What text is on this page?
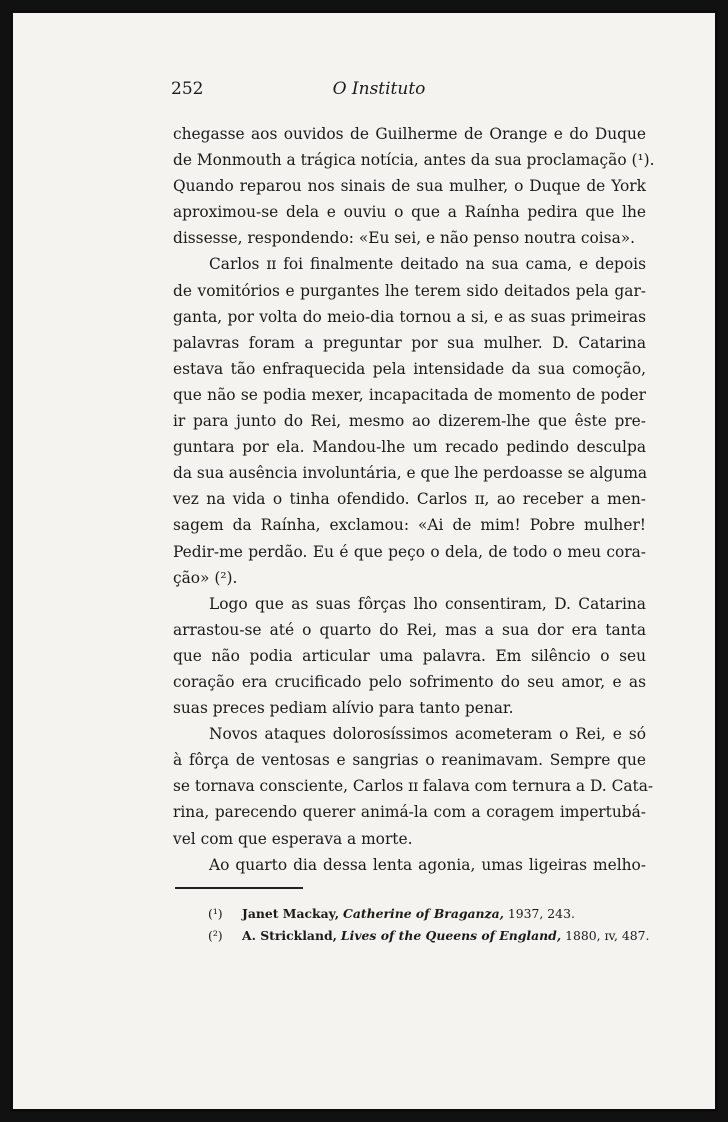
252	O Instituto
chegasse aos ouvidos de Guilherme de Orange e do Duque
de Monmouth a trágica notícia, antes da sua proclamação (¹).
Quando reparou nos sinais de sua mulher, o Duque de York
aproximou-se dela e ouviu o que a Raínha pedira que lhe
dissesse, respondendo: «Eu sei, e não penso noutra coisa».
Carlos ɪɪ foi finalmente deitado na sua cama, e depois
de vomitórios e purgantes lhe terem sido deitados pela gar-
ganta, por volta do meio-dia tornou a si, e as suas primeiras
palavras foram a preguntar por sua mulher. D. Catarina
estava tão enfraquecida pela intensidade da sua comoção,
que não se podia mexer, incapacitada de momento de poder
ir para junto do Rei, mesmo ao dizerem-lhe que êste pre-
guntara por ela. Mandou-lhe um recado pedindo desculpa
da sua ausência involuntária, e que lhe perdoasse se alguma
vez na vida o tinha ofendido. Carlos ɪɪ, ao receber a men-
sagem da Raínha, exclamou: «Ai de mim! Pobre mulher!
Pedir-me perdão. Eu é que peço o dela, de todo o meu cora-
ção» (²).
Logo que as suas fôrças lho consentiram, D. Catarina
arrastou-se até o quarto do Rei, mas a sua dor era tanta
que não podia articular uma palavra. Em silêncio o seu
coração era crucificado pelo sofrimento do seu amor, e as
suas preces pediam alívio para tanto penar.
Novos ataques dolorosíssimos acometeram o Rei, e só
à fôrça de ventosas e sangrias o reanimavam. Sempre que
se tornava consciente, Carlos ɪɪ falava com ternura a D. Cata-
rina, parecendo querer animá-la com a coragem impertubá-
vel com que esperava a morte.
Ao quarto dia dessa lenta agonia, umas ligeiras melho-
(¹) Janet Mackay, Catherine of Braganza, 1937, 243.
(²) A. Strickland, Lives of the Queens of England, 1880, ɪv, 487.
